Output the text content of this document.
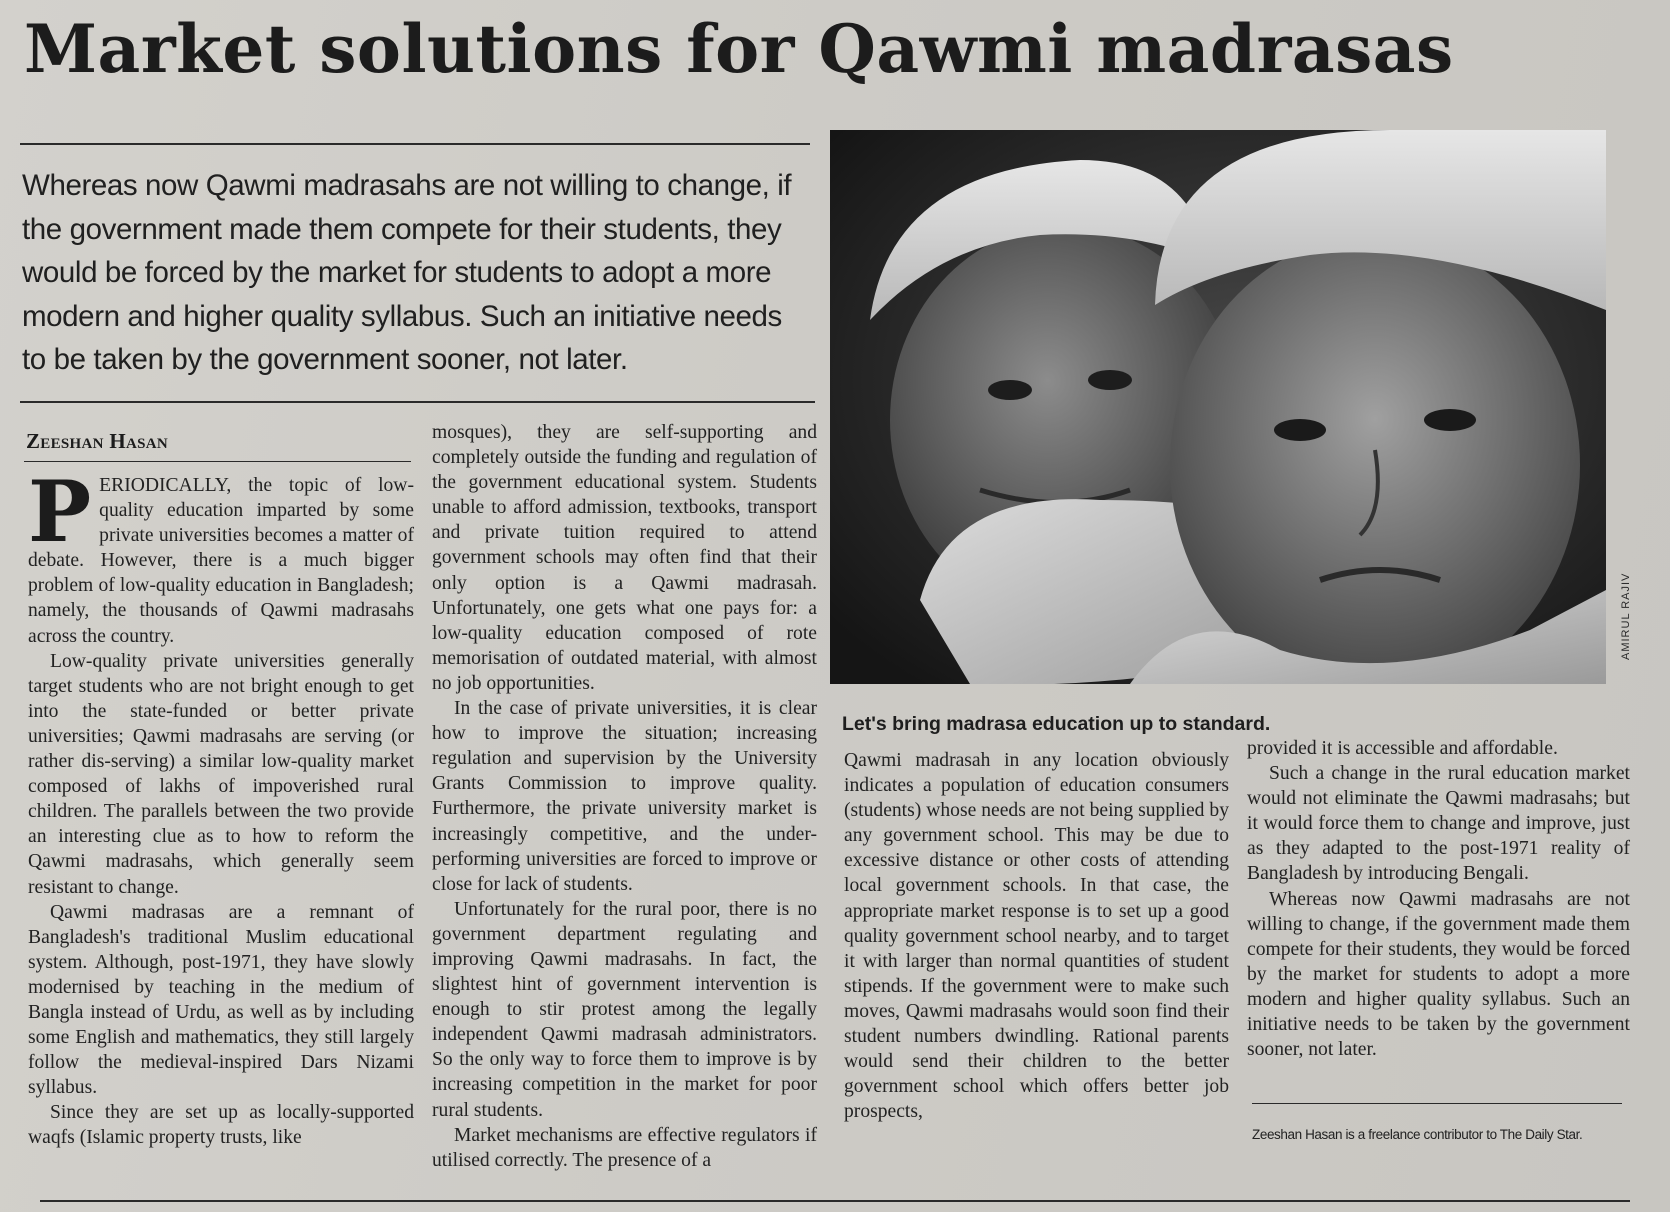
Market solutions for Qawmi madrasas

Whereas now Qawmi madrasahs are not willing to change, if the government made them compete for their students, they would be forced by the market for students to adopt a more modern and higher quality syllabus. Such an initiative needs to be taken by the government sooner, not later.

Zeeshan Hasan

PERIODICALLY, the topic of low-quality education imparted by some private universities becomes a matter of debate. However, there is a much bigger problem of low-quality education in Bangladesh; namely, the thousands of Qawmi madrasahs across the country.

Low-quality private universities generally target students who are not bright enough to get into the state-funded or better private universities; Qawmi madrasahs are serving (or rather dis-serving) a similar low-quality market composed of lakhs of impoverished rural children. The parallels between the two provide an interesting clue as to how to reform the Qawmi madrasahs, which generally seem resistant to change.

Qawmi madrasas are a remnant of Bangladesh's traditional Muslim educational system. Although, post-1971, they have slowly modernised by teaching in the medium of Bangla instead of Urdu, as well as by including some English and mathematics, they still largely follow the medieval-inspired Dars Nizami syllabus.

Since they are set up as locally-supported waqfs (Islamic property trusts, like

mosques), they are self-supporting and completely outside the funding and regulation of the government educational system. Students unable to afford admission, textbooks, transport and private tuition required to attend government schools may often find that their only option is a Qawmi madrasah. Unfortunately, one gets what one pays for: a low-quality education composed of rote memorisation of outdated material, with almost no job opportunities.

In the case of private universities, it is clear how to improve the situation; increasing regulation and supervision by the University Grants Commission to improve quality. Furthermore, the private university market is increasingly competitive, and the under-performing universities are forced to improve or close for lack of students.

Unfortunately for the rural poor, there is no government department regulating and improving Qawmi madrasahs. In fact, the slightest hint of government intervention is enough to stir protest among the legally independent Qawmi madrasah administrators. So the only way to force them to improve is by increasing competition in the market for poor rural students.

Market mechanisms are effective regulators if utilised correctly. The presence of a

AMIRUL RAJIV
Let's bring madrasa education up to standard.

Qawmi madrasah in any location obviously indicates a population of education consumers (students) whose needs are not being supplied by any government school. This may be due to excessive distance or other costs of attending local government schools. In that case, the appropriate market response is to set up a good quality government school nearby, and to target it with larger than normal quantities of student stipends. If the government were to make such moves, Qawmi madrasahs would soon find their student numbers dwindling. Rational parents would send their children to the better government school which offers better job prospects,

provided it is accessible and affordable.

Such a change in the rural education market would not eliminate the Qawmi madrasahs; but it would force them to change and improve, just as they adapted to the post-1971 reality of Bangladesh by introducing Bengali.

Whereas now Qawmi madrasahs are not willing to change, if the government made them compete for their students, they would be forced by the market for students to adopt a more modern and higher quality syllabus. Such an initiative needs to be taken by the government sooner, not later.

Zeeshan Hasan is a freelance contributor to The Daily Star.
